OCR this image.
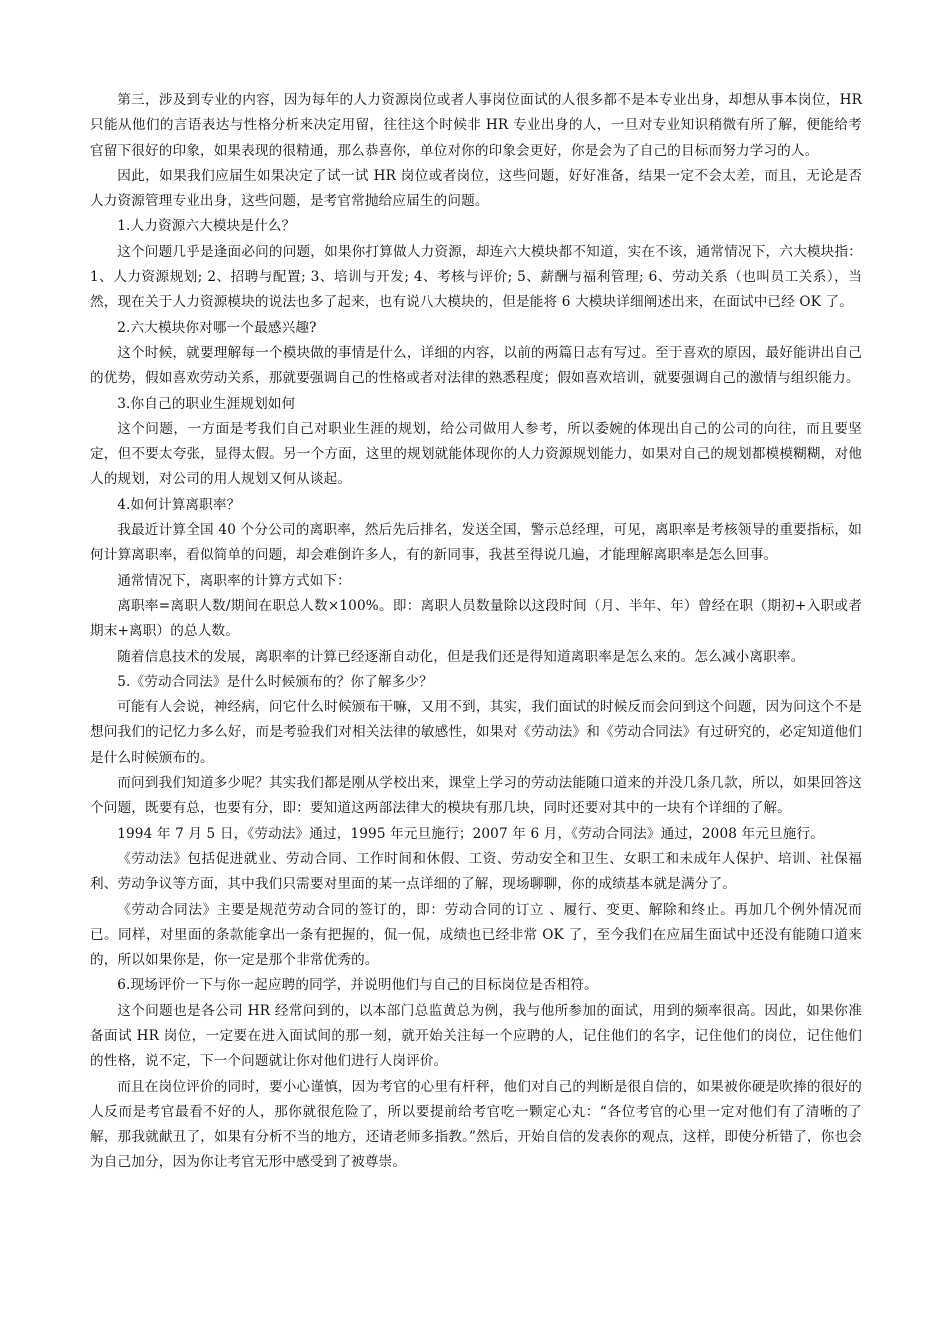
第三，涉及到专业的内容，因为每年的人力资源岗位或者人事岗位面试的人很多都不是本专业出身，却想从事本岗位，HR 只能从他们的言语表达与性格分析来决定用留，往往这个时候非 HR 专业出身的人，一旦对专业知识稍微有所了解，便能给考官留下很好的印象，如果表现的很精通，那么恭喜你，单位对你的印象会更好，你是会为了自己的目标而努力学习的人。

因此，如果我们应届生如果决定了试一试 HR 岗位或者岗位，这些问题，好好准备，结果一定不会太差，而且，无论是否人力资源管理专业出身，这些问题，是考官常抛给应届生的问题。

1.人力资源六大模块是什么？

这个问题几乎是逢面必问的问题，如果你打算做人力资源，却连六大模块都不知道，实在不该，通常情况下，六大模块指：1、人力资源规划; 2、招聘与配置; 3、培训与开发; 4、考核与评价; 5、薪酬与福利管理; 6、劳动关系（也叫员工关系），当然，现在关于人力资源模块的说法也多了起来，也有说八大模块的，但是能将 6 大模块详细阐述出来，在面试中已经 OK 了。

2.六大模块你对哪一个最感兴趣?

这个时候，就要理解每一个模块做的事情是什么，详细的内容，以前的两篇日志有写过。至于喜欢的原因，最好能讲出自己的优势，假如喜欢劳动关系，那就要强调自己的性格或者对法律的熟悉程度；假如喜欢培训，就要强调自己的激情与组织能力。

3.你自己的职业生涯规划如何

这个问题，一方面是考我们自己对职业生涯的规划，给公司做用人参考，所以委婉的体现出自己的公司的向往，而且要坚定，但不要太夸张，显得太假。另一个方面，这里的规划就能体现你的人力资源规划能力，如果对自己的规划都模模糊糊，对他人的规划，对公司的用人规划又何从谈起。

4.如何计算离职率？

我最近计算全国 40 个分公司的离职率，然后先后排名，发送全国，警示总经理，可见，离职率是考核领导的重要指标，如何计算离职率，看似简单的问题，却会难倒许多人，有的新同事，我甚至得说几遍，才能理解离职率是怎么回事。

通常情况下，离职率的计算方式如下：

离职率=离职人数/期间在职总人数×100%。即：离职人员数量除以这段时间（月、半年、年）曾经在职（期初+入职或者期末+离职）的总人数。

随着信息技术的发展，离职率的计算已经逐渐自动化，但是我们还是得知道离职率是怎么来的。怎么减小离职率。

5.《劳动合同法》是什么时候颁布的？你了解多少？

可能有人会说，神经病，问它什么时候颁布干嘛，又用不到，其实，我们面试的时候反而会问到这个问题，因为问这个不是想问我们的记忆力多么好，而是考验我们对相关法律的敏感性，如果对《劳动法》和《劳动合同法》有过研究的，必定知道他们是什么时候颁布的。

而问到我们知道多少呢？其实我们都是刚从学校出来，课堂上学习的劳动法能随口道来的并没几条几款，所以，如果回答这个问题，既要有总，也要有分，即：要知道这两部法律大的模块有那几块，同时还要对其中的一块有个详细的了解。

1994 年 7 月 5 日，《劳动法》通过，1995 年元旦施行；2007 年 6 月，《劳动合同法》通过，2008 年元旦施行。

《劳动法》包括促进就业、劳动合同、工作时间和休假、工资、劳动安全和卫生、女职工和未成年人保护、培训、社保福利、劳动争议等方面，其中我们只需要对里面的某一点详细的了解，现场聊聊，你的成绩基本就是满分了。

《劳动合同法》主要是规范劳动合同的签订的，即：劳动合同的订立 、履行、变更、解除和终止。再加几个例外情况而已。同样，对里面的条款能拿出一条有把握的，侃一侃，成绩也已经非常 OK 了，至今我们在应届生面试中还没有能随口道来的，所以如果你是，你一定是那个非常优秀的。

6.现场评价一下与你一起应聘的同学，并说明他们与自己的目标岗位是否相符。

这个问题也是各公司 HR 经常问到的，以本部门总监黄总为例，我与他所参加的面试，用到的频率很高。因此，如果你准备面试 HR 岗位，一定要在进入面试间的那一刻，就开始关注每一个应聘的人，记住他们的名字，记住他们的岗位，记住他们的性格，说不定，下一个问题就让你对他们进行人岗评价。

而且在岗位评价的同时，要小心谨慎，因为考官的心里有杆秤，他们对自己的判断是很自信的，如果被你硬是吹捧的很好的人反而是考官最看不好的人，那你就很危险了，所以要提前给考官吃一颗定心丸：“各位考官的心里一定对他们有了清晰的了解，那我就献丑了，如果有分析不当的地方，还请老师多指教。”然后，开始自信的发表你的观点，这样，即使分析错了，你也会为自己加分，因为你让考官无形中感受到了被尊崇。
